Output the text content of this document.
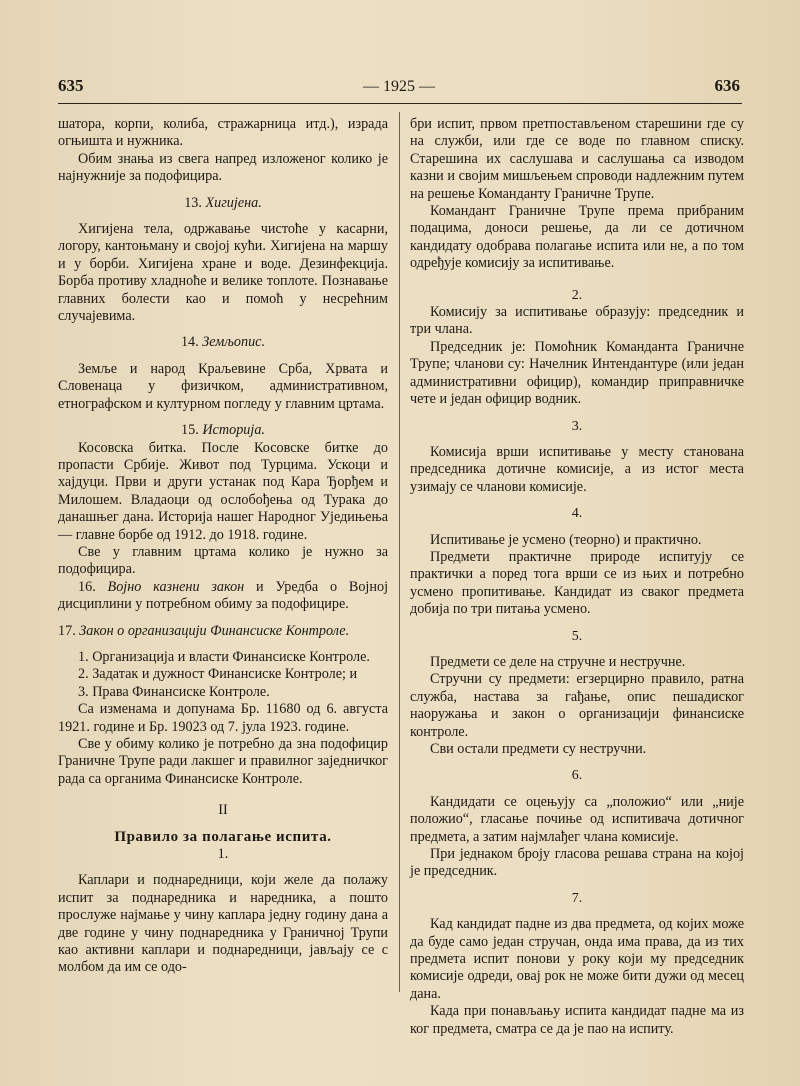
635	— 1925 —	636

шатора, корпи, колиба, стражарница итд.), израда огњишта и нужника.

Обим знања из свега напред изложеног колико је најнужније за подофицира.

13. Хигијена.

Хигијена тела, одржавање чистоће у касарни, логору, кантоњману и својој кући. Хигијена на маршу и у борби. Хигијена хране и воде. Дезинфекција. Борба противу хладноће и велике топлоте. Познавање главних болести као и помоћ у несрећним случајевима.

14. Земљопис.

Земље и народ Краљевине Срба, Хрвата и Словенаца у физичком, административном, етнографском и културном погледу у главним цртама.

15. Историја.

Косовска битка. После Косовске битке до пропасти Србије. Живот под Турцима. Ускоци и хајдуци. Први и други устанак под Кара Ђорђем и Милошем. Владаоци од ослобођења од Турака до данашњег дана. Историја нашег Народног Уједињења — главне борбе од 1912. до 1918. године.

Све у главним цртама колико је нужно за подофицира.

16. Војно казнени закон и Уредба о Војној дисциплини у потребном обиму за подофицире.

17. Закон о организацији Финансиске Контроле.

1. Организација и власти Финансиске Контроле.

2. Задатак и дужност Финансиске Контроле; и

3. Права Финансиске Контроле.

Са изменама и допунама Бр. 11680 од 6. августа 1921. године и Бр. 19023 од 7. јула 1923. године.

Све у обиму колико је потребно да зна подофицир Граничне Трупе ради лакшег и правилног заједничког рада са органима Финансиске Контроле.

II

Правило за полагање испита.

1.

Каплари и поднаредници, који желе да полажу испит за поднаредника и наредника, а пошто прослуже најмање у чину каплара једну годину дана а две године у чину поднаредника у Граничној Трупи као активни каплари и поднаредници, јављају се с молбом да им се одо-

бри испит, првом претпостављеном старешини где су на служби, или где се воде по главном списку. Старешина их саслушава и саслушања са изводом казни и својим мишљењем спроводи надлежним путем на решење Команданту Граничне Трупе.

Командант Граничне Трупе према прибраним подацима, доноси решење, да ли се дотичном кандидату одобрава полагање испита или не, а по том одређује комисију за испитивање.

2.

Комисију за испитивање образују: председник и три члана.

Председник је: Помоћник Команданта Граничне Трупе; чланови су: Начелник Интендантуре (или један административни официр), командир приправничке чете и један официр водник.

3.

Комисија врши испитивање у месту станована председника дотичне комисије, а из истог места узимају се чланови комисије.

4.

Испитивање је усмено (теорно) и практично.

Предмети практичне природе испитују се практички а поред тога врши се из њих и потребно усмено пропитивање. Кандидат из сваког предмета добија по три питања усмено.

5.

Предмети се деле на стручне и нестручне.

Стручни су предмети: егзерцирно правило, ратна служба, настава за гађање, опис пешадиског наоружања и закон о организацији финансиске контроле.

Сви остали предмети су нестручни.

6.

Кандидати се оцењују са „положио“ или „није положио“, гласање почиње од испитивача дотичног предмета, а затим најмлађег члана комисије.

При једнаком броју гласова решава страна на којој је председник.

7.

Кад кандидат падне из два предмета, од којих може да буде само један стручан, онда има права, да из тих предмета испит понови у року који му председник комисије одреди, овај рок не може бити дужи од месец дана.

Када при понављању испита кандидат падне ма из ког предмета, сматра се да је пао на испиту.
